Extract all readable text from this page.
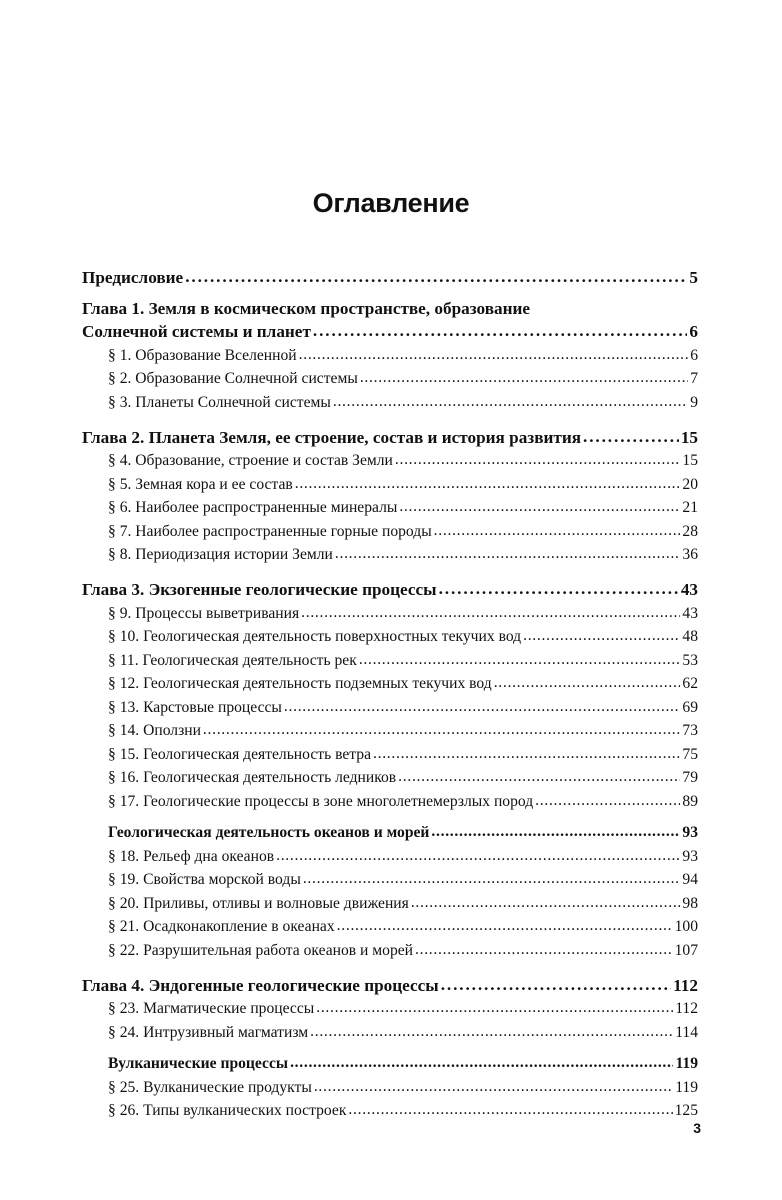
Оглавление
Предисловие . . .	5
Глава 1. Земля в космическом пространстве, образование
Солнечной системы и планет . . .	6
§ 1. Образование Вселенной . . .	6
§ 2. Образование Солнечной системы . . .	7
§ 3. Планеты Солнечной системы . . .	9
Глава 2. Планета Земля, ее строение, состав и история развития . . .	15
§ 4. Образование, строение и состав Земли . . .	15
§ 5. Земная кора и ее состав . . .	20
§ 6. Наиболее распространенные минералы . . .	21
§ 7. Наиболее распространенные горные породы . . .	28
§ 8. Периодизация истории Земли . . .	36
Глава 3. Экзогенные геологические процессы . . .	43
§ 9. Процессы выветривания . . .	43
§ 10. Геологическая деятельность поверхностных текучих вод . . .	48
§ 11. Геологическая деятельность рек . . .	53
§ 12. Геологическая деятельность подземных текучих вод . . .	62
§ 13. Карстовые процессы . . .	69
§ 14. Оползни . . .	73
§ 15. Геологическая деятельность ветра . . .	75
§ 16. Геологическая деятельность ледников . . .	79
§ 17. Геологические процессы в зоне многолетнемерзлых пород . . .	89
Геологическая деятельность океанов и морей . . .	93
§ 18. Рельеф дна океанов . . .	93
§ 19. Свойства морской воды . . .	94
§ 20. Приливы, отливы и волновые движения . . .	98
§ 21. Осадконакопление в океанах . . .	100
§ 22. Разрушительная работа океанов и морей . . .	107
Глава 4. Эндогенные геологические процессы . . .	112
§ 23. Магматические процессы . . .	112
§ 24. Интрузивный магматизм . . .	114
Вулканические процессы . . .	119
§ 25. Вулканические продукты . . .	119
§ 26. Типы вулканических построек . . .	125
3
